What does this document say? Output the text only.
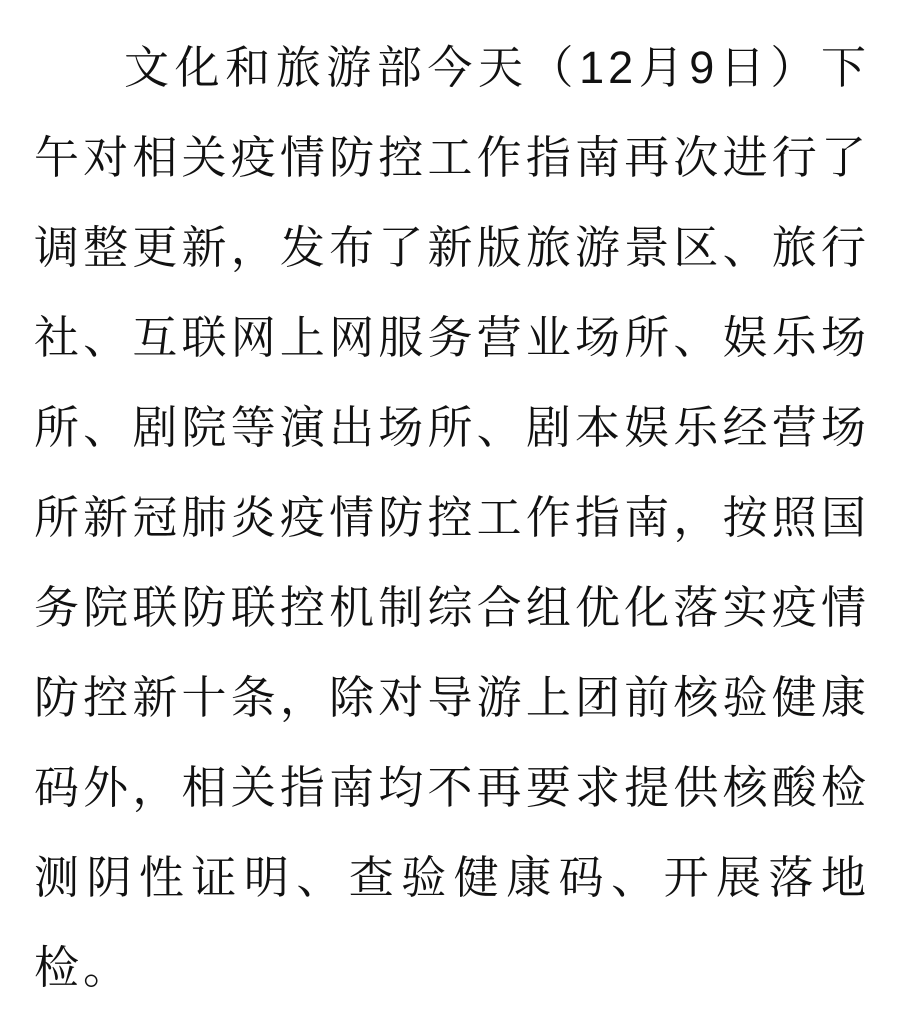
文化和旅游部今天（12月9日）下午对相关疫情防控工作指南再次进行了调整更新，发布了新版旅游景区、旅行社、互联网上网服务营业场所、娱乐场所、剧院等演出场所、剧本娱乐经营场所新冠肺炎疫情防控工作指南，按照国务院联防联控机制综合组优化落实疫情防控新十条，除对导游上团前核验健康码外，相关指南均不再要求提供核酸检测阴性证明、查验健康码、开展落地检。
